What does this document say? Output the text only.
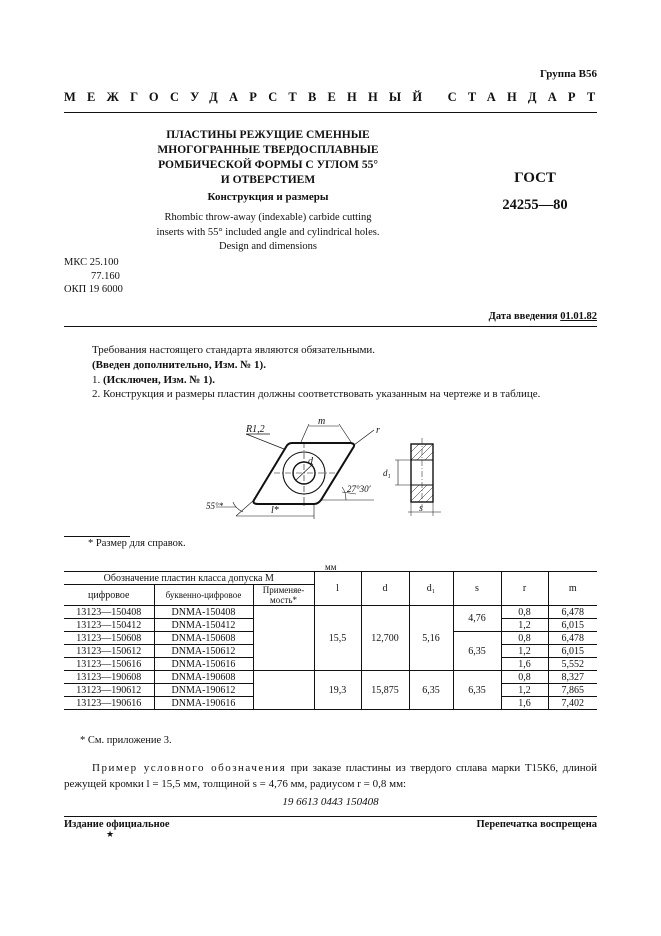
Группа В56
МЕЖГОСУДАРСТВЕННЫЙ СТАНДАРТ
ПЛАСТИНЫ РЕЖУЩИЕ СМЕННЫЕ
МНОГОГРАННЫЕ ТВЕРДОСПЛАВНЫЕ
РОМБИЧЕСКОЙ ФОРМЫ С УГЛОМ 55°
И ОТВЕРСТИЕМ
Конструкция и размеры
Rhombic throw-away (indexable) carbide cutting
inserts with 55° included angle and cylindrical holes.
Design and dimensions
ГОСТ
24255—80
МКС 25.100
77.160
ОКП 19 6000
Дата введения 01.01.82
Требования настоящего стандарта являются обязательными.
(Введен дополнительно, Изм. № 1).
1. (Исключен, Изм. № 1).
2. Конструкция и размеры пластин должны соответствовать указанным на чертеже и в таблице.
R1,2
m
r
d
27°30′
55°*	l*
d₁
s
* Размер для справок.
мм
Обозначение пластин класса допуска М			l	d	d₁	s	r	m
цифровое	буквенно-цифровое	Применяе-мость*						
13123—150408	DNMA-150408		15,5	12,700	5,16	4,76	0,8	6,478
13123—150412	DNMA-150412						1,2	6,015
13123—150608	DNMA-150608					6,35	0,8	6,478
13123—150612	DNMA-150612						1,2	6,015
13123—150616	DNMA-150616						1,6	5,552
13123—190608	DNMA-190608		19,3	15,875	6,35	6,35	0,8	8,327
13123—190612	DNMA-190612						1,2	7,865
13123—190616	DNMA-190616						1,6	7,402
* См. приложение 3.
Пример условного обозначения при заказе пластины из твердого сплава марки Т15К6, длиной режущей кромки l = 15,5 мм, толщиной s = 4,76 мм, радиусом r = 0,8 мм:
19 6613 0443 150408
Издание официальное	Перепечатка воспрещена
★
